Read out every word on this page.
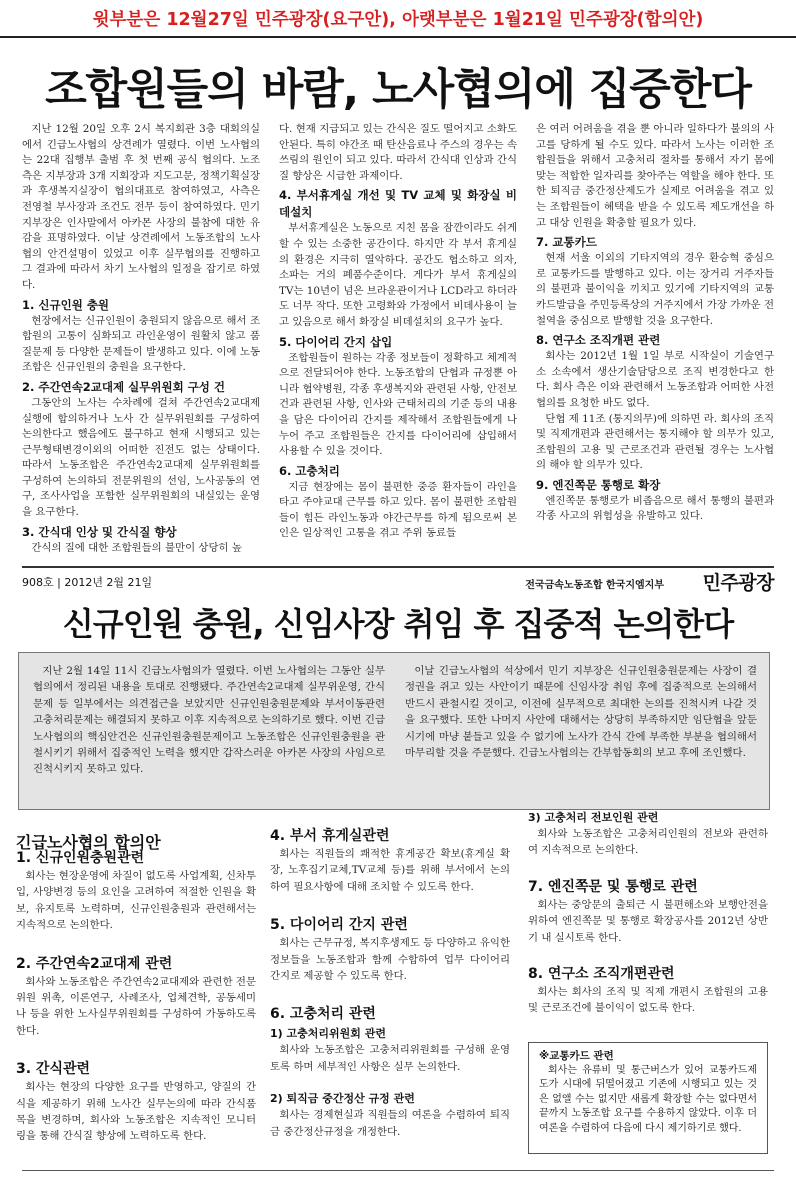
윗부분은 12월27일 민주광장(요구안), 아랫부분은 1월21일 민주광장(합의안)
조합원들의 바람, 노사협의에 집중한다

지난 12월 20일 오후 2시 복지회관 3층 대회의실에서 긴급노사협의 상견례가 열렸다. 이번 노사협의는 22대 집행부 출범 후 첫 번째 공식 협의다. 노조 측은 지부장과 3개 지회장과 지도고문, 정책기획실장과 후생복지실장이 협의대표로 참여하였고, 사측은 전영철 부사장과 조건도 전무 등이 참여하였다. 민기 지부장은 인사말에서 아카몬 사장의 불참에 대한 유감을 표명하였다. 이날 상견례에서 노동조합의 노사협의 안건설명이 있었고 이후 실무협의를 진행하고 그 결과에 따라서 차기 노사협의 일정을 잡기로 하였다.

1. 신규인원 충원

현장에서는 신규인원이 충원되지 않음으로 해서 조합원의 고통이 심화되고 라인운영이 원활치 않고 품질문제 등 다양한 문제들이 발생하고 있다. 이에 노동조합은 신규인원의 충원을 요구한다.

2. 주간연속2교대제 실무위원회 구성 건

그동안의 노사는 수차례에 걸쳐 주간연속2교대제실행에 합의하거나 노사 간 실무위원회를 구성하여 논의한다고 했음에도 불구하고 현재 시행되고 있는 근무형태변경이외의 어떠한 진전도 없는 상태이다. 따라서 노동조합은 주간연속2교대제 실무위원회를 구성하여 논의하되 전문위원의 선임, 노사공동의 연구, 조사사업을 포함한 실무위원회의 내실있는 운영을 요구한다.

3. 간식대 인상 및 간식질 향상

간식의 질에 대한 조합원들의 불만이 상당히 높

다. 현재 지급되고 있는 간식은 질도 떨어지고 소화도 안된다. 특히 야간조 때 탄산음료나 주스의 경우는 속쓰림의 원인이 되고 있다. 따라서 간식대 인상과 간식질 향상은 시급한 과제이다.

4. 부서휴게실 개선 및 TV 교체 및 화장실 비데설치

부서휴게실은 노동으로 지친 몸을 잠깐이라도 쉬게 할 수 있는 소중한 공간이다. 하지만 각 부서 휴게실의 환경은 지극히 열악하다. 공간도 협소하고 의자, 소파는 거의 폐품수준이다. 게다가 부서 휴게실의 TV는 10년이 넘은 브라운관이거나 LCD라고 하더라도 너무 작다. 또한 고령화와 가정에서 비데사용이 늘고 있음으로 해서 화장실 비데설치의 요구가 높다.

5. 다이어리 간지 삽입

조합원들이 원하는 각종 정보들이 정확하고 체계적으로 전달되어야 한다. 노동조합의 단협과 규정뿐 아니라 협약병원, 각종 후생복지와 관련된 사항, 안전보건과 관련된 사항, 인사와 근태처리의 기준 등의 내용을 담은 다이어리 간지를 제작해서 조합원들에게 나누어 주고 조합원들은 간지를 다이어리에 삽입해서 사용할 수 있을 것이다.

6. 고충처리

지금 현장에는 몸이 불편한 중증 환자들이 라인을 타고 주야교대 근무를 하고 있다. 몸이 불편한 조합원들이 힘든 라인노동과 야간근무를 하게 됨으로써 본인은 일상적인 고통을 겪고 주위 동료들

은 여러 어려움을 겪을 뿐 아니라 일하다가 불의의 사고를 당하게 될 수도 있다. 따라서 노사는 이러한 조합원들을 위해서 고충처리 절차를 통해서 자기 몸에 맞는 적합한 일자리를 찾아주는 역할을 해야 한다. 또한 퇴직금 중간정산제도가 실제로 어려움을 겪고 있는 조합원들이 혜택을 받을 수 있도록 제도개선을 하고 대상 인원을 확충할 필요가 있다.

7. 교통카드

현재 서울 이외의 기타지역의 경우 환승혁 중심으로 교통카드를 발행하고 있다. 이는 장거리 거주자들의 불편과 불이익을 끼치고 있기에 기타지역의 교통카드발급을 주민등록상의 거주지에서 가장 가까운 전철역을 중심으로 발행할 것을 요구한다.

8. 연구소 조직개편 관련

회사는 2012년 1월 1일 부로 시작실이 기술연구소 소속에서 생산기술담당으로 조직 변경한다고 한다. 회사 측은 이와 관련해서 노동조합과 어떠한 사전협의를 요청한 바도 없다.

단협 제 11조 (통지의무)에 의하면 라. 회사의 조직 및 직제개편과 관련해서는 통지해야 할 의무가 있고, 조합원의 고용 및 근로조건과 관련될 경우는 노사협의 해야 할 의무가 있다.

9. 엔진쪽문 통행로 확장

엔진쪽문 통행로가 비좁음으로 해서 통행의 불편과 각종 사고의 위험성을 유발하고 있다.

908호 | 2012년 2월 21일	전국금속노동조합 한국지엠지부 민주광장
신규인원 충원, 신임사장 취임 후 집중적 논의한다

지난 2월 14일 11시 긴급노사협의가 열렸다. 이번 노사협의는 그동안 실무협의에서 정리된 내용을 토대로 진행됐다. 주간연속2교대제 실무위운영, 간식문제 등 일부에서는 의견접근을 보았지만 신규인원충원문제와 부서이동관련 고충처리문제는 해결되지 못하고 이후 지속적으로 논의하기로 했다. 이번 긴급노사협의의 핵심안건은 신규인원충원문제이고 노동조합은 신규인원충원을 관철시키기 위해서 집중적인 노력을 했지만 갑작스러운 아카몬 사장의 사임으로 진척시키지 못하고 있다.

이날 긴급노사협의 석상에서 민기 지부장은 신규인원충원문제는 사장이 결정권을 쥐고 있는 사안이기 때문에 신임사장 취임 후에 집중적으로 논의해서 반드시 관철시킬 것이고, 이전에 실무적으로 최대한 논의를 진척시켜 나갈 것을 요구했다. 또한 나머지 사안에 대해서는 상당히 부족하지만 임단협을 앞둔 시기에 마냥 붙들고 있을 수 없기에 노사가 간식 간에 부족한 부분을 협의해서 마무리할 것을 주문했다. 긴급노사협의는 간부합동회의 보고 후에 조인했다.

긴급노사협의 합의안
1. 신규인원충원관련

회사는 현장운영에 차질이 없도록 사업계획, 신차투입, 사양변경 등의 요인을 고려하여 적절한 인원을 확보, 유지토록 노력하며, 신규인원충원과 관련해서는 지속적으로 논의한다.

2. 주간연속2교대제 관련

회사와 노동조합은 주간연속2교대제와 관련한 전문위원 위촉, 이론연구, 사례조사, 업체견학, 공동세미나 등을 위한 노사실무위원회를 구성하여 가동하도록 한다.

3. 간식관련

회사는 현장의 다양한 요구를 반영하고, 양질의 간식을 제공하기 위해 노사간 실무논의에 따라 간식품목을 변경하며, 회사와 노동조합은 지속적인 모니터링을 통해 간식질 향상에 노력하도록 한다.

4. 부서 휴게실관련

회사는 직원들의 쾌적한 휴게공간 확보(휴게실 확장, 노후집기교체,TV교체 등)를 위해 부서에서 논의하여 필요사항에 대해 조치할 수 있도록 한다.

5. 다이어리 간지 관련

회사는 근무규정, 복지후생제도 등 다양하고 유익한 정보들을 노동조합과 함께 수합하여 업무 다이어리 간지로 제공할 수 있도록 한다.

6. 고충처리 관련
1) 고충처리위원회 관련

회사와 노동조합은 고충처리위원회를 구성해 운영토록 하며 세부적인 사항은 실무 논의한다.

2) 퇴직금 중간정산 규정 관련

회사는 경제현실과 직원들의 여론을 수렴하여 퇴직금 중간정산규정을 개정한다.

3) 고충처리 전보인원 관련

회사와 노동조합은 고충처리인원의 전보와 관련하여 지속적으로 논의한다.

7. 엔진쪽문 및 통행로 관련

회사는 중앙문의 출퇴근 시 불편해소와 보행안전을 위하여 엔진쪽문 및 통행로 확장공사를 2012년 상반기 내 실시토록 한다.

8. 연구소 조직개편관련

회사는 회사의 조직 및 직제 개편시 조합원의 고용 및 근로조건에 불이익이 없도록 한다.

※교통카드 관련

회사는 유류비 및 통근버스가 있어 교통카드제도가 시대에 뒤떨어졌고 기존에 시행되고 있는 것은 없앨 수는 없지만 새롭게 확장할 수는 없다면서 끝까지 노동조합 요구를 수용하지 않았다. 이후 더 여론을 수렴하여 다음에 다시 제기하기로 했다.
